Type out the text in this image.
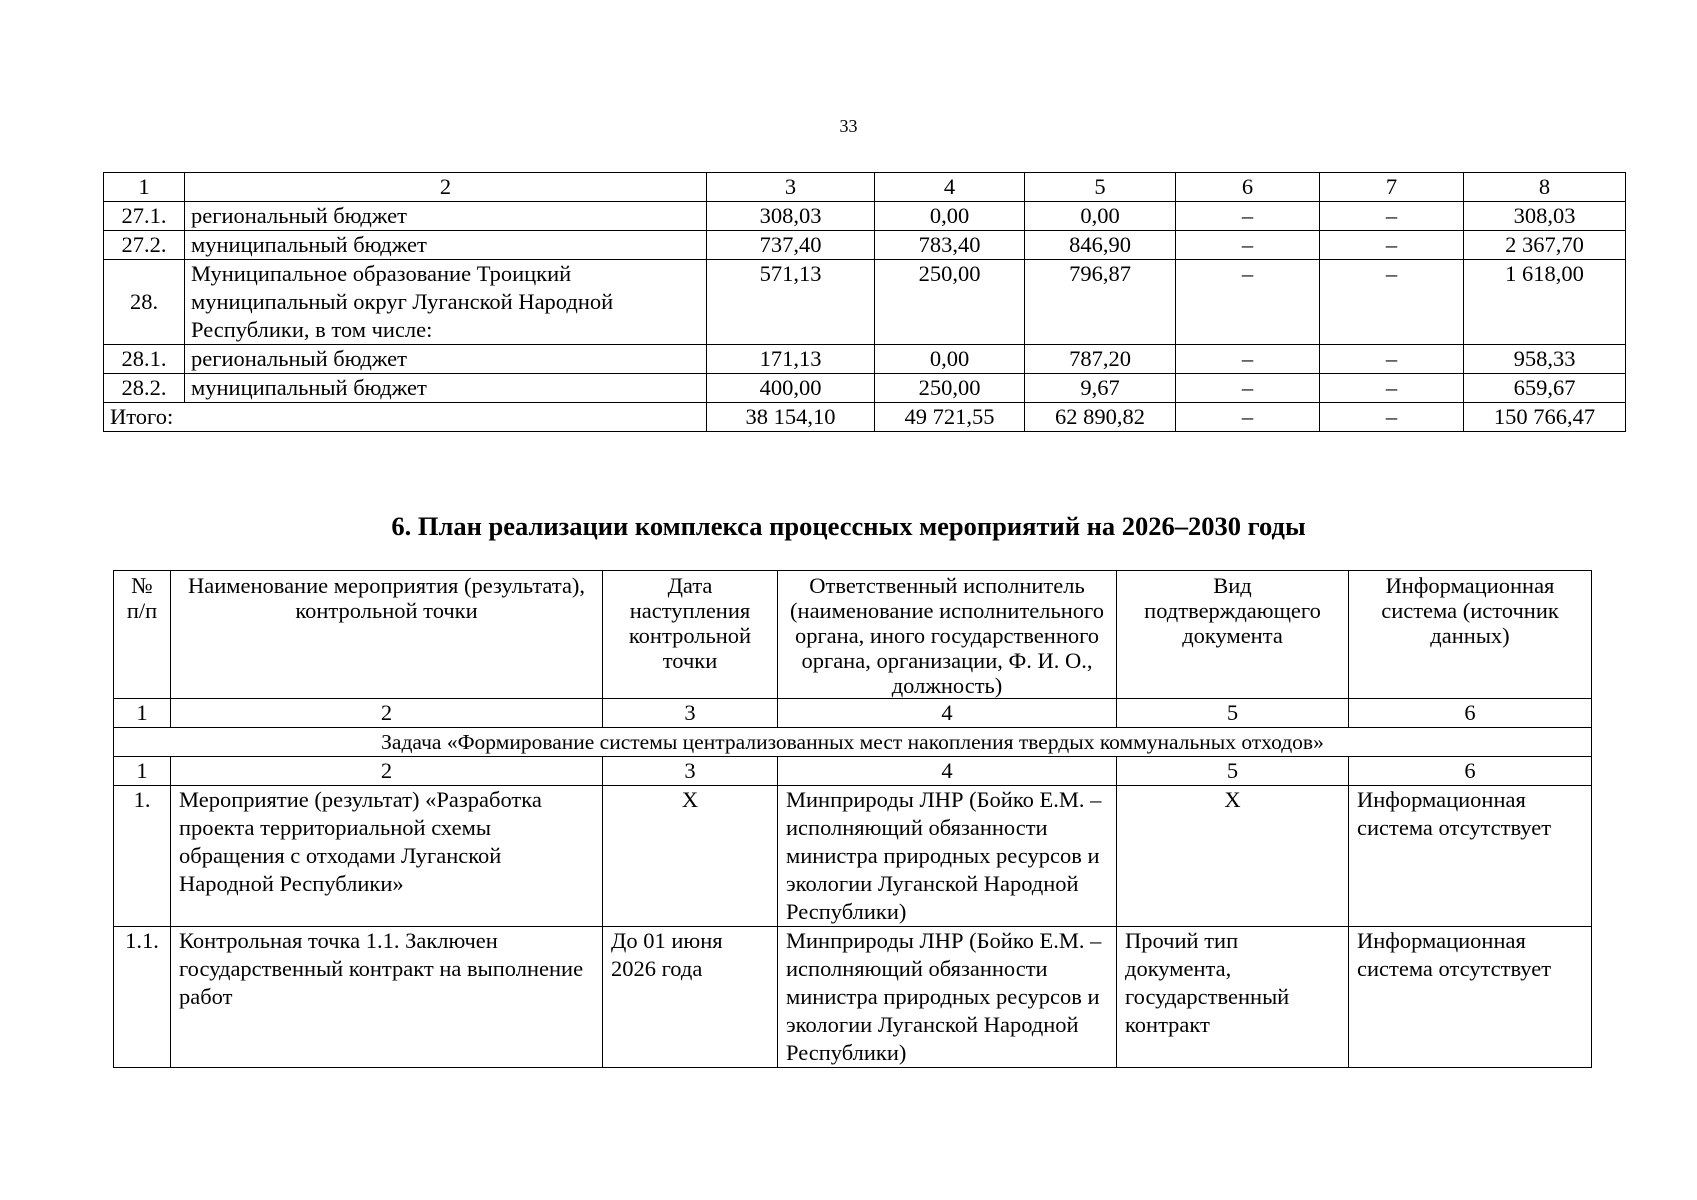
33
1	2	3	4	5	6	7	8
27.1.	региональный бюджет	308,03	0,00	0,00	–	–	308,03
27.2.	муниципальный бюджет	737,40	783,40	846,90	–	–	2 367,70
28.	Муниципальное образование Троицкий муниципальный округ Луганской Народной Республики, в том числе:	571,13	250,00	796,87	–	–	1 618,00
28.1.	региональный бюджет	171,13	0,00	787,20	–	–	958,33
28.2.	муниципальный бюджет	400,00	250,00	9,67	–	–	659,67
Итого:		38 154,10	49 721,55	62 890,82	–	–	150 766,47
6. План реализации комплекса процессных мероприятий на 2026–2030 годы
№ п/п	Наименование мероприятия (результата), контрольной точки	Дата наступления контрольной точки	Ответственный исполнитель (наименование исполнительного органа, иного государственного органа, организации, Ф. И. О., должность)	Вид подтверждающего документа	Информационная система (источник данных)
1	2	3	4	5	6
Задача «Формирование системы централизованных мест накопления твердых коммунальных отходов»					
1	2	3	4	5	6
1.	Мероприятие (результат) «Разработка проекта территориальной схемы обращения с отходами Луганской Народной Республики»	Х	Минприроды ЛНР (Бойко Е.М. – исполняющий обязанности министра природных ресурсов и экологии Луганской Народной Республики)	Х	Информационная система отсутствует
1.1.	Контрольная точка 1.1. Заключен государственный контракт на выполнение работ	До 01 июня 2026 года	Минприроды ЛНР (Бойко Е.М. – исполняющий обязанности министра природных ресурсов и экологии Луганской Народной Республики)	Прочий тип документа, государственный контракт	Информационная система отсутствует
